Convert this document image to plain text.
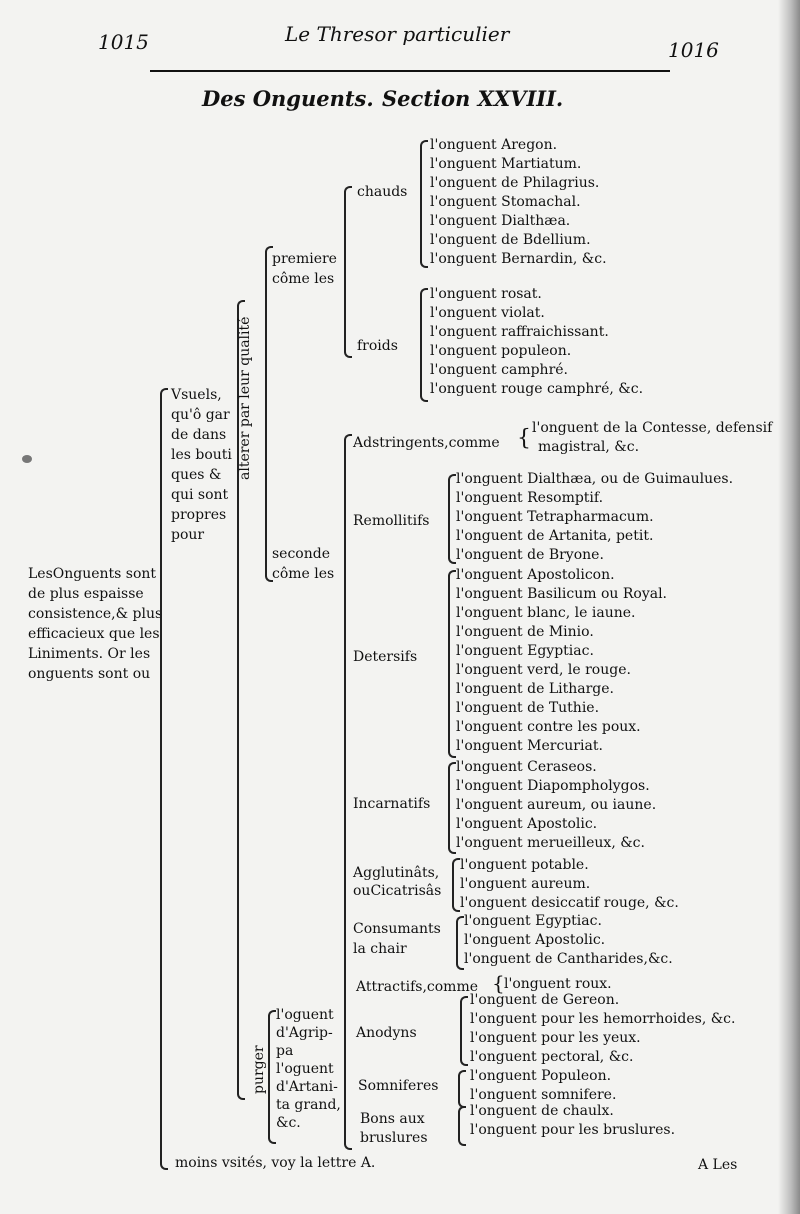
1015	Le Thresor particulier
1016
Des Onguents. Section XXVIII.
LesOnguents sont
de plus espaisse
consistence,& plus
efficacieux que les
Liniments. Or les
onguents sont ou
Vsuels,
qu'ô gar
de dans
les bouti
ques &
qui sont
propres
pour
alterer par leur qualité
purger
premiere
côme les
chauds
l'onguent Aregon.
l'onguent Martiatum.
l'onguent de Philagrius.
l'onguent Stomachal.
l'onguent Dialthæa.
l'onguent de Bdellium.
l'onguent Bernardin, &c.
froids
l'onguent rosat.
l'onguent violat.
l'onguent raffraichissant.
l'onguent populeon.
l'onguent camphré.
l'onguent rouge camphré, &c.
seconde
côme les
Adstringents,comme { l'onguent de la Contesse, defensif
magistral, &c.
Remollitifs
l'onguent Dialthæa, ou de Guimaulues.
l'onguent Resomptif.
l'onguent Tetrapharmacum.
l'onguent de Artanita, petit.
l'onguent de Bryone.
Detersifs
l'onguent Apostolicon.
l'onguent Basilicum ou Royal.
l'onguent blanc, le iaune.
l'onguent de Minio.
l'onguent Egyptiac.
l'onguent verd, le rouge.
l'onguent de Litharge.
l'onguent de Tuthie.
l'onguent contre les poux.
l'onguent Mercuriat.
Incarnatifs
l'onguent Ceraseos.
l'onguent Diapompholygos.
l'onguent aureum, ou iaune.
l'onguent Apostolic.
l'onguent merueilleux, &c.
Agglutinâts,
ouCicatrisâs
l'onguent potable.
l'onguent aureum.
l'onguent desiccatif rouge, &c.
Consumants
la chair
l'onguent Egyptiac.
l'onguent Apostolic.
l'onguent de Cantharides,&c.
Attractifs,comme { l'onguent roux.
Anodyns
l'onguent de Gereon.
l'onguent pour les hemorrhoides, &c.
l'onguent pour les yeux.
l'onguent pectoral, &c.
Somniferes
l'onguent Populeon.
l'onguent somnifere.
Bons aux
bruslures
l'onguent de chaulx.
l'onguent pour les bruslures.
l'oguent
d'Agrip-
pa
l'oguent
d'Artani-
ta grand,
&c.
moins vsités, voy la lettre A.	A Les
